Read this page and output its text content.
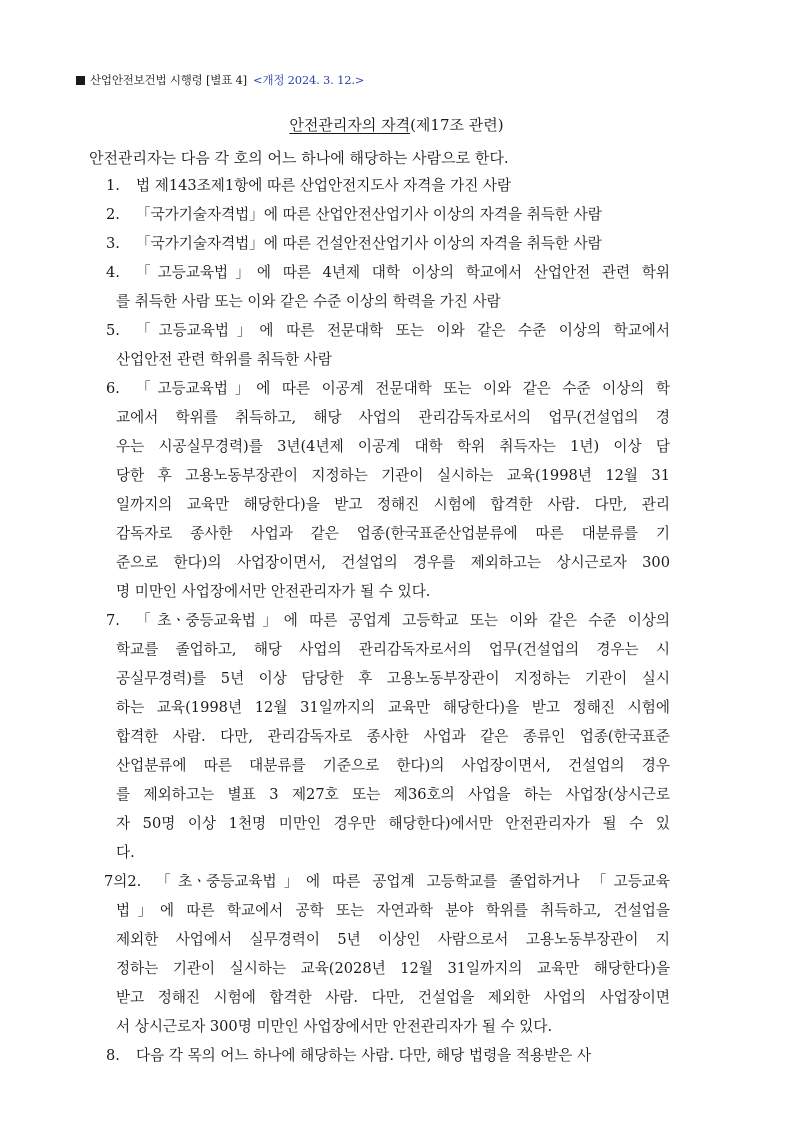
산업안전보건법 시행령 [별표 4] <개정 2024. 3. 12.>
안전관리자의 자격(제17조 관련)
안전관리자는 다음 각 호의 어느 하나에 해당하는 사람으로 한다.
1. 법 제143조제1항에 따른 산업안전지도사 자격을 가진 사람
2. 「국가기술자격법」에 따른 산업안전산업기사 이상의 자격을 취득한 사람
3. 「국가기술자격법」에 따른 건설안전산업기사 이상의 자격을 취득한 사람
4. 「고등교육법」에 따른 4년제 대학 이상의 학교에서 산업안전 관련 학위
를 취득한 사람 또는 이와 같은 수준 이상의 학력을 가진 사람
5. 「고등교육법」에 따른 전문대학 또는 이와 같은 수준 이상의 학교에서
산업안전 관련 학위를 취득한 사람
6. 「고등교육법」에 따른 이공계 전문대학 또는 이와 같은 수준 이상의 학
교에서 학위를 취득하고, 해당 사업의 관리감독자로서의 업무(건설업의 경
우는 시공실무경력)를 3년(4년제 이공계 대학 학위 취득자는 1년) 이상 담
당한 후 고용노동부장관이 지정하는 기관이 실시하는 교육(1998년 12월 31
일까지의 교육만 해당한다)을 받고 정해진 시험에 합격한 사람. 다만, 관리
감독자로 종사한 사업과 같은 업종(한국표준산업분류에 따른 대분류를 기
준으로 한다)의 사업장이면서, 건설업의 경우를 제외하고는 상시근로자 300
명 미만인 사업장에서만 안전관리자가 될 수 있다.
7. 「초ㆍ중등교육법」에 따른 공업계 고등학교 또는 이와 같은 수준 이상의
학교를 졸업하고, 해당 사업의 관리감독자로서의 업무(건설업의 경우는 시
공실무경력)를 5년 이상 담당한 후 고용노동부장관이 지정하는 기관이 실시
하는 교육(1998년 12월 31일까지의 교육만 해당한다)을 받고 정해진 시험에
합격한 사람. 다만, 관리감독자로 종사한 사업과 같은 종류인 업종(한국표준
산업분류에 따른 대분류를 기준으로 한다)의 사업장이면서, 건설업의 경우
를 제외하고는 별표 3 제27호 또는 제36호의 사업을 하는 사업장(상시근로
자 50명 이상 1천명 미만인 경우만 해당한다)에서만 안전관리자가 될 수 있
다.
7의2. 「초ㆍ중등교육법」에 따른 공업계 고등학교를 졸업하거나 「고등교육
법」에 따른 학교에서 공학 또는 자연과학 분야 학위를 취득하고, 건설업을
제외한 사업에서 실무경력이 5년 이상인 사람으로서 고용노동부장관이 지
정하는 기관이 실시하는 교육(2028년 12월 31일까지의 교육만 해당한다)을
받고 정해진 시험에 합격한 사람. 다만, 건설업을 제외한 사업의 사업장이면
서 상시근로자 300명 미만인 사업장에서만 안전관리자가 될 수 있다.
8. 다음 각 목의 어느 하나에 해당하는 사람. 다만, 해당 법령을 적용받은 사
